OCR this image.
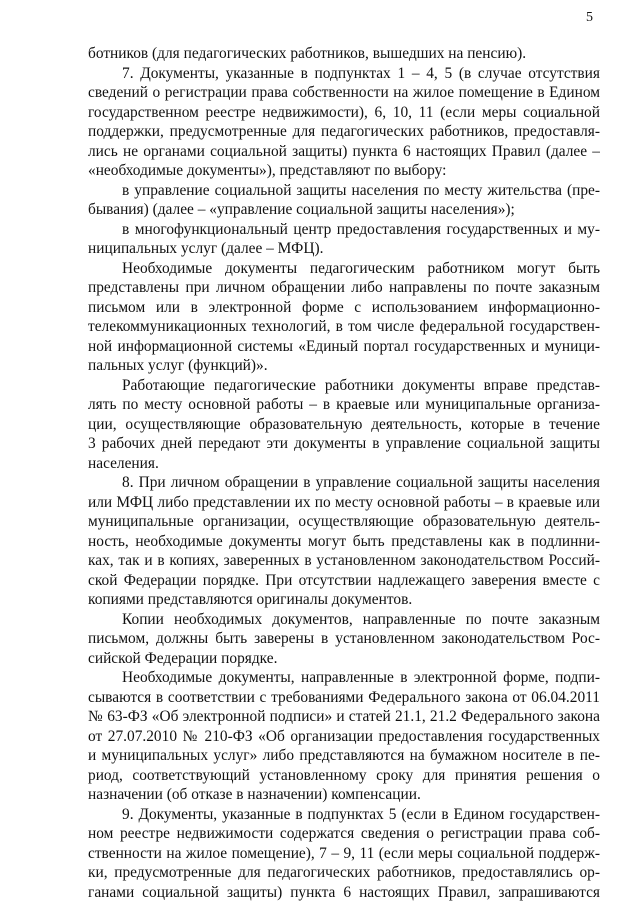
5
ботников (для педагогических работников, вышедших на пенсию).
7. Документы, указанные в подпунктах 1 – 4, 5 (в случае отсутствия
сведений о регистрации права собственности на жилое помещение в Едином
государственном реестре недвижимости), 6, 10, 11 (если меры социальной
поддержки, предусмотренные для педагогических работников, предоставля-
лись не органами социальной защиты) пункта 6 настоящих Правил (далее –
«необходимые документы»), представляют по выбору:
в управление социальной защиты населения по месту жительства (пре-
бывания) (далее – «управление социальной защиты населения»);
в многофункциональный центр предоставления государственных и му-
ниципальных услуг (далее – МФЦ).
Необходимые документы педагогическим работником могут быть
представлены при личном обращении либо направлены по почте заказным
письмом или в электронной форме с использованием информационно-
телекоммуникационных технологий, в том числе федеральной государствен-
ной информационной системы «Единый портал государственных и муници-
пальных услуг (функций)».
Работающие педагогические работники документы вправе представ-
лять по месту основной работы – в краевые или муниципальные организа-
ции, осуществляющие образовательную деятельность, которые в течение
3 рабочих дней передают эти документы в управление социальной защиты
населения.
8. При личном обращении в управление социальной защиты населения
или МФЦ либо представлении их по месту основной работы – в краевые или
муниципальные организации, осуществляющие образовательную деятель-
ность, необходимые документы могут быть представлены как в подлинни-
ках, так и в копиях, заверенных в установленном законодательством Россий-
ской Федерации порядке. При отсутствии надлежащего заверения вместе с
копиями представляются оригиналы документов.
Копии необходимых документов, направленные по почте заказным
письмом, должны быть заверены в установленном законодательством Рос-
сийской Федерации порядке.
Необходимые документы, направленные в электронной форме, подпи-
сываются в соответствии с требованиями Федерального закона от 06.04.2011
№ 63-ФЗ «Об электронной подписи» и статей 21.1, 21.2 Федерального закона
от 27.07.2010 № 210-ФЗ «Об организации предоставления государственных
и муниципальных услуг» либо представляются на бумажном носителе в пе-
риод, соответствующий установленному сроку для принятия решения о
назначении (об отказе в назначении) компенсации.
9. Документы, указанные в подпунктах 5 (если в Едином государствен-
ном реестре недвижимости содержатся сведения о регистрации права соб-
ственности на жилое помещение), 7 – 9, 11 (если меры социальной поддерж-
ки, предусмотренные для педагогических работников, предоставлялись ор-
ганами социальной защиты) пункта 6 настоящих Правил, запрашиваются
